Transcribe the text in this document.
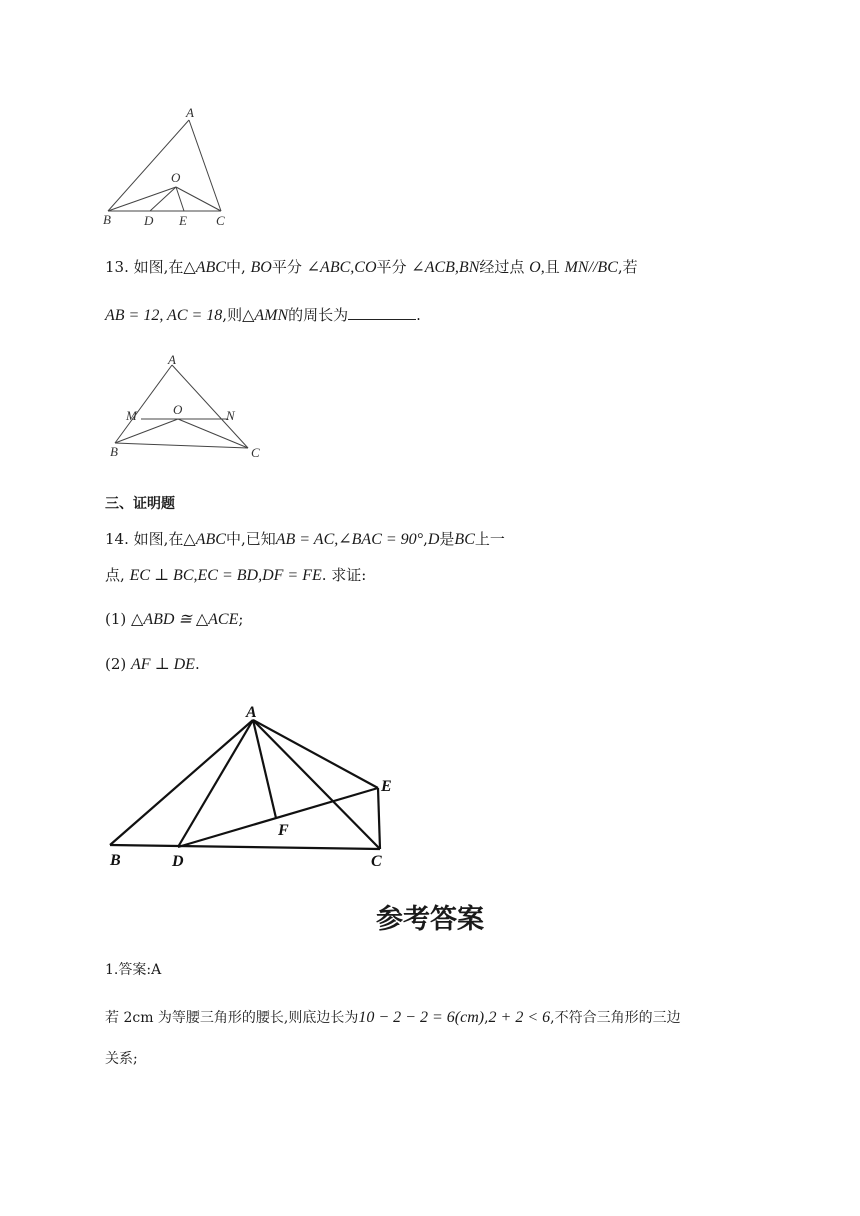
A
O
B	D E C
13. 如图,在△ABC中, BO平分 ∠ABC,CO平分 ∠ACB,BN经过点 O,且 MN//BC,若
AB = 12, AC = 18,则△AMN的周长为	.
A
M	O	N
B	C
三、证明题
14. 如图,在△ABC中,已知AB = AC,∠BAC = 90°,D是BC上一
点, EC ⊥ BC,EC = BD,DF = FE. 求证:
(1) △ABD ≅ △ACE;
(2) AF ⊥ DE.
A
E
F
B	D	C
参考答案
1.答案:A
若 2cm 为等腰三角形的腰长,则底边长为10 − 2 − 2 = 6(cm),2 + 2 < 6,不符合三角形的三边
关系;
